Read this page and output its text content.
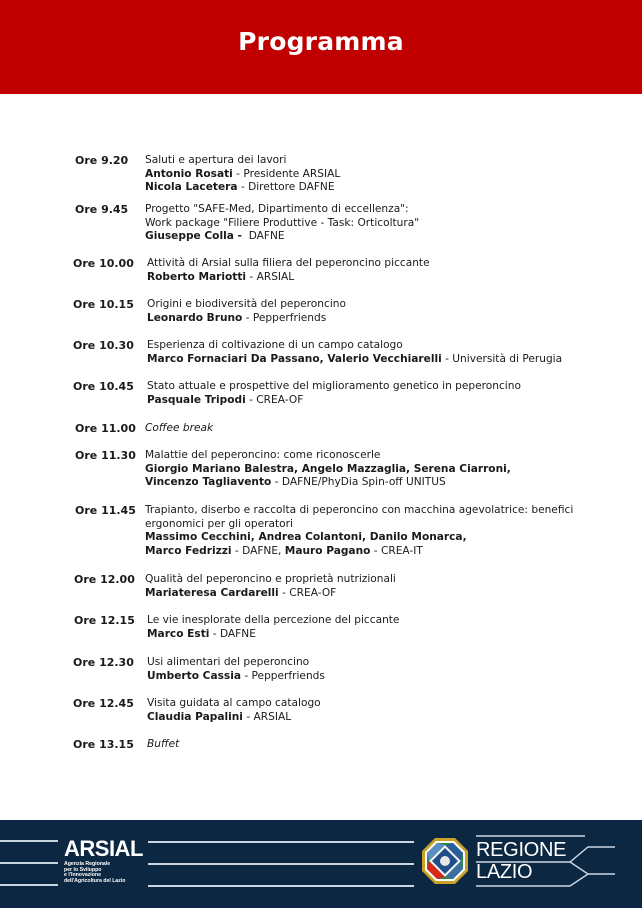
Programma
Ore 9.20 Saluti e apertura dei lavori
Antonio Rosati - Presidente ARSIAL
Nicola Lacetera - Direttore DAFNE
Ore 9.45 Progetto "SAFE-Med, Dipartimento di eccellenza":
Work package "Filiere Produttive - Task: Orticoltura"
Giuseppe Colla -  DAFNE
Ore 10.00 Attività di Arsial sulla filiera del peperoncino piccante
Roberto Mariotti - ARSIAL
Ore 10.15 Origini e biodiversità del peperoncino
Leonardo Bruno - Pepperfriends
Ore 10.30 Esperienza di coltivazione di un campo catalogo
Marco Fornaciari Da Passano, Valerio Vecchiarelli - Università di Perugia
Ore 10.45 Stato attuale e prospettive del miglioramento genetico in peperoncino
Pasquale Tripodi - CREA-OF
Ore 11.00 Coffee break
Ore 11.30 Malattie del peperoncino: come riconoscerle
Giorgio Mariano Balestra, Angelo Mazzaglia, Serena Ciarroni,
Vincenzo Tagliavento - DAFNE/PhyDia Spin-off UNITUS
Ore 11.45 Trapianto, diserbo e raccolta di peperoncino con macchina agevolatrice: benefici
ergonomici per gli operatori
Massimo Cecchini, Andrea Colantoni, Danilo Monarca,
Marco Fedrizzi - DAFNE, Mauro Pagano - CREA-IT
Ore 12.00 Qualità del peperoncino e proprietà nutrizionali
Mariateresa Cardarelli - CREA-OF
Ore 12.15 Le vie inesplorate della percezione del piccante
Marco Esti - DAFNE
Ore 12.30 Usi alimentari del peperoncino
Umberto Cassia - Pepperfriends
Ore 12.45 Visita guidata al campo catalogo
Claudia Papalini - ARSIAL
Ore 13.15 Buffet
ARSIAL
Agenzia Regionale
per lo Sviluppo
e l'Innovazione
dell'Agricoltura del Lazio
REGIONE
LAZIO
